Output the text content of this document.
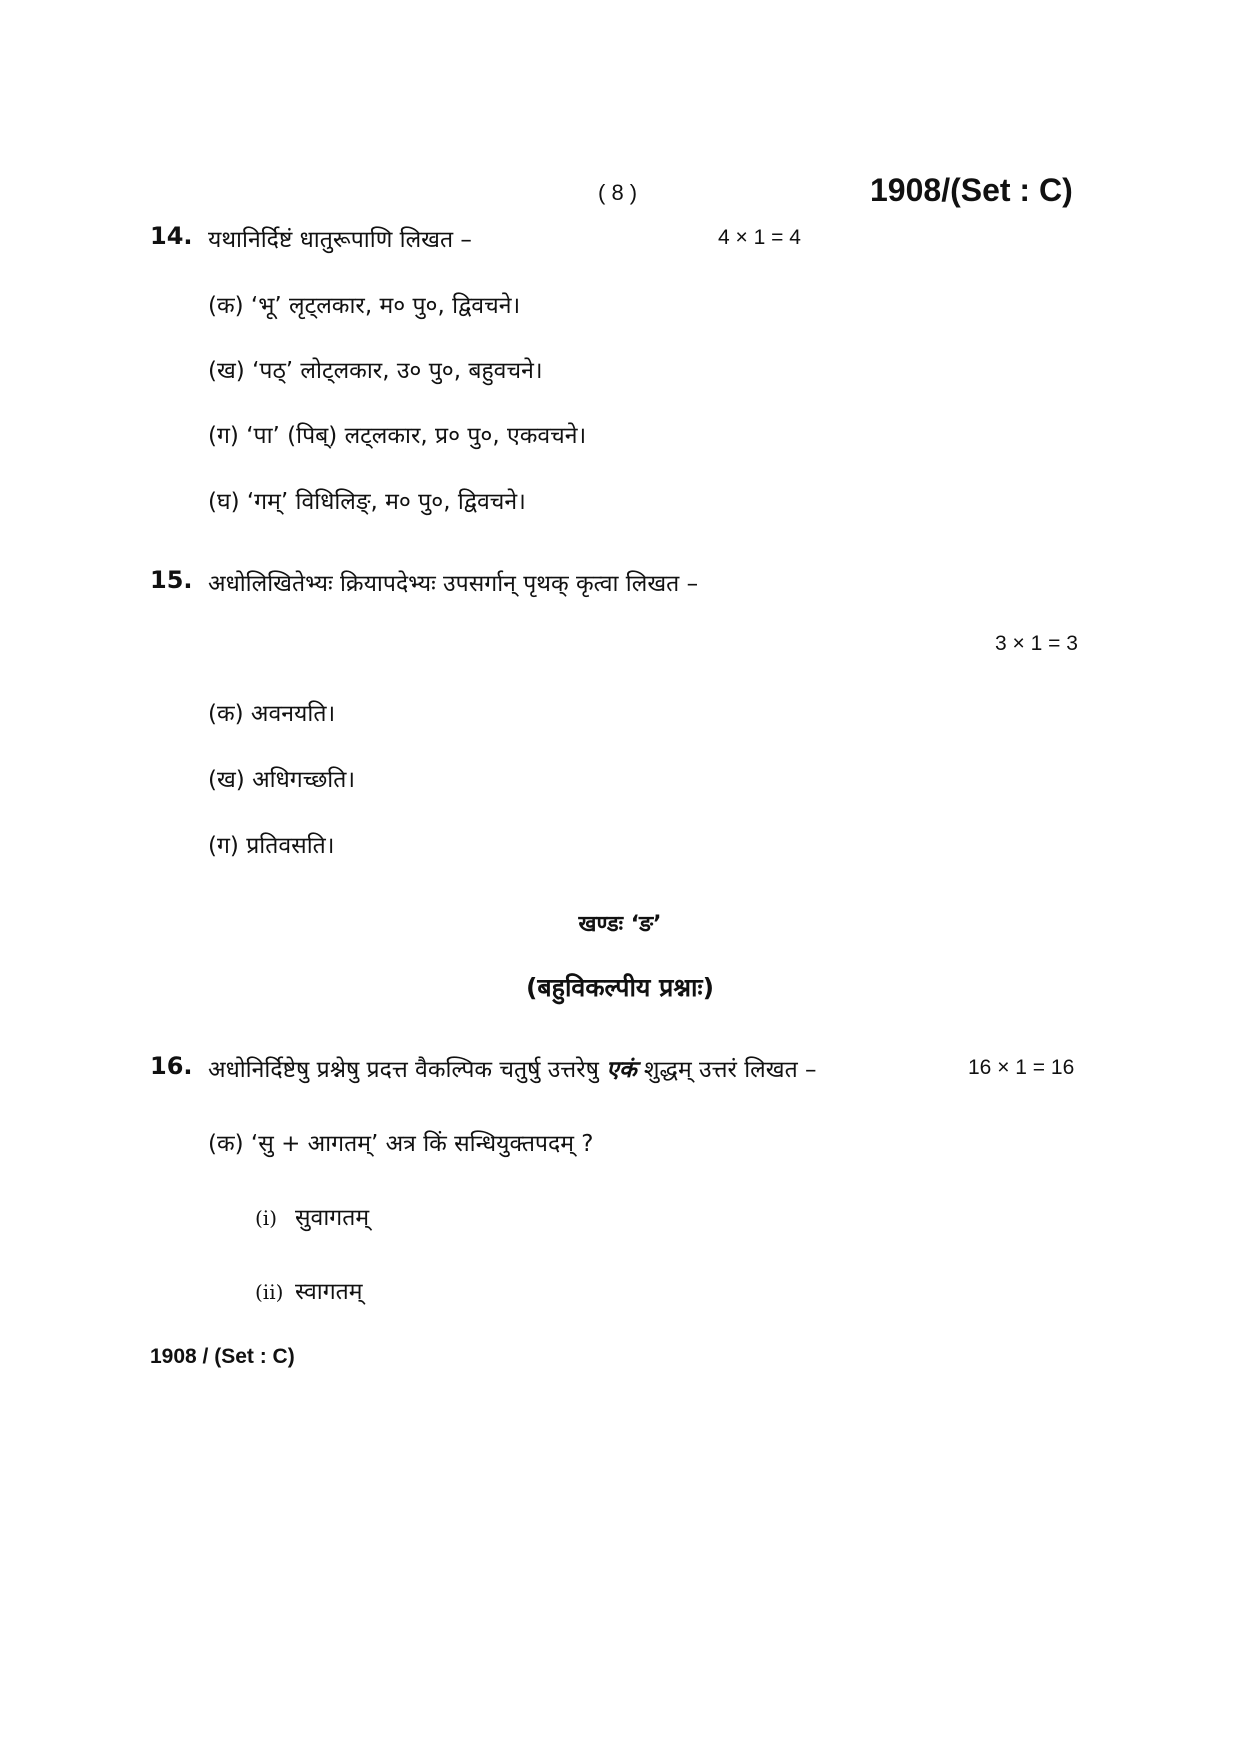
( 8 )	1908/(Set : C)
14. यथानिर्दिष्टं धातुरूपाणि लिखत –	4 × 1 = 4
(क) ‘भू’ लृट्लकार, म० पु०, द्विवचने।
(ख) ‘पठ्’ लोट्लकार, उ० पु०, बहुवचने।
(ग) ‘पा’ (पिब्) लट्लकार, प्र० पु०, एकवचने।
(घ) ‘गम्’ विधिलिङ्, म० पु०, द्विवचने।
15. अधोलिखितेभ्यः क्रियापदेभ्यः उपसर्गान् पृथक् कृत्वा लिखत –
3 × 1 = 3
(क) अवनयति।
(ख) अधिगच्छति।
(ग) प्रतिवसति।
खण्डः ‘ङ’
(बहुविकल्पीय प्रश्नाः)
16. अधोनिर्दिष्टेषु प्रश्नेषु प्रदत्त वैकल्पिक चतुर्षु उत्तरेषु एकं शुद्धम् उत्तरं लिखत –	16 × 1 = 16
(क) ‘सु + आगतम्’ अत्र किं सन्धियुक्तपदम् ?
(i) सुवागतम्
(ii) स्वागतम्
1908 / (Set : C)
